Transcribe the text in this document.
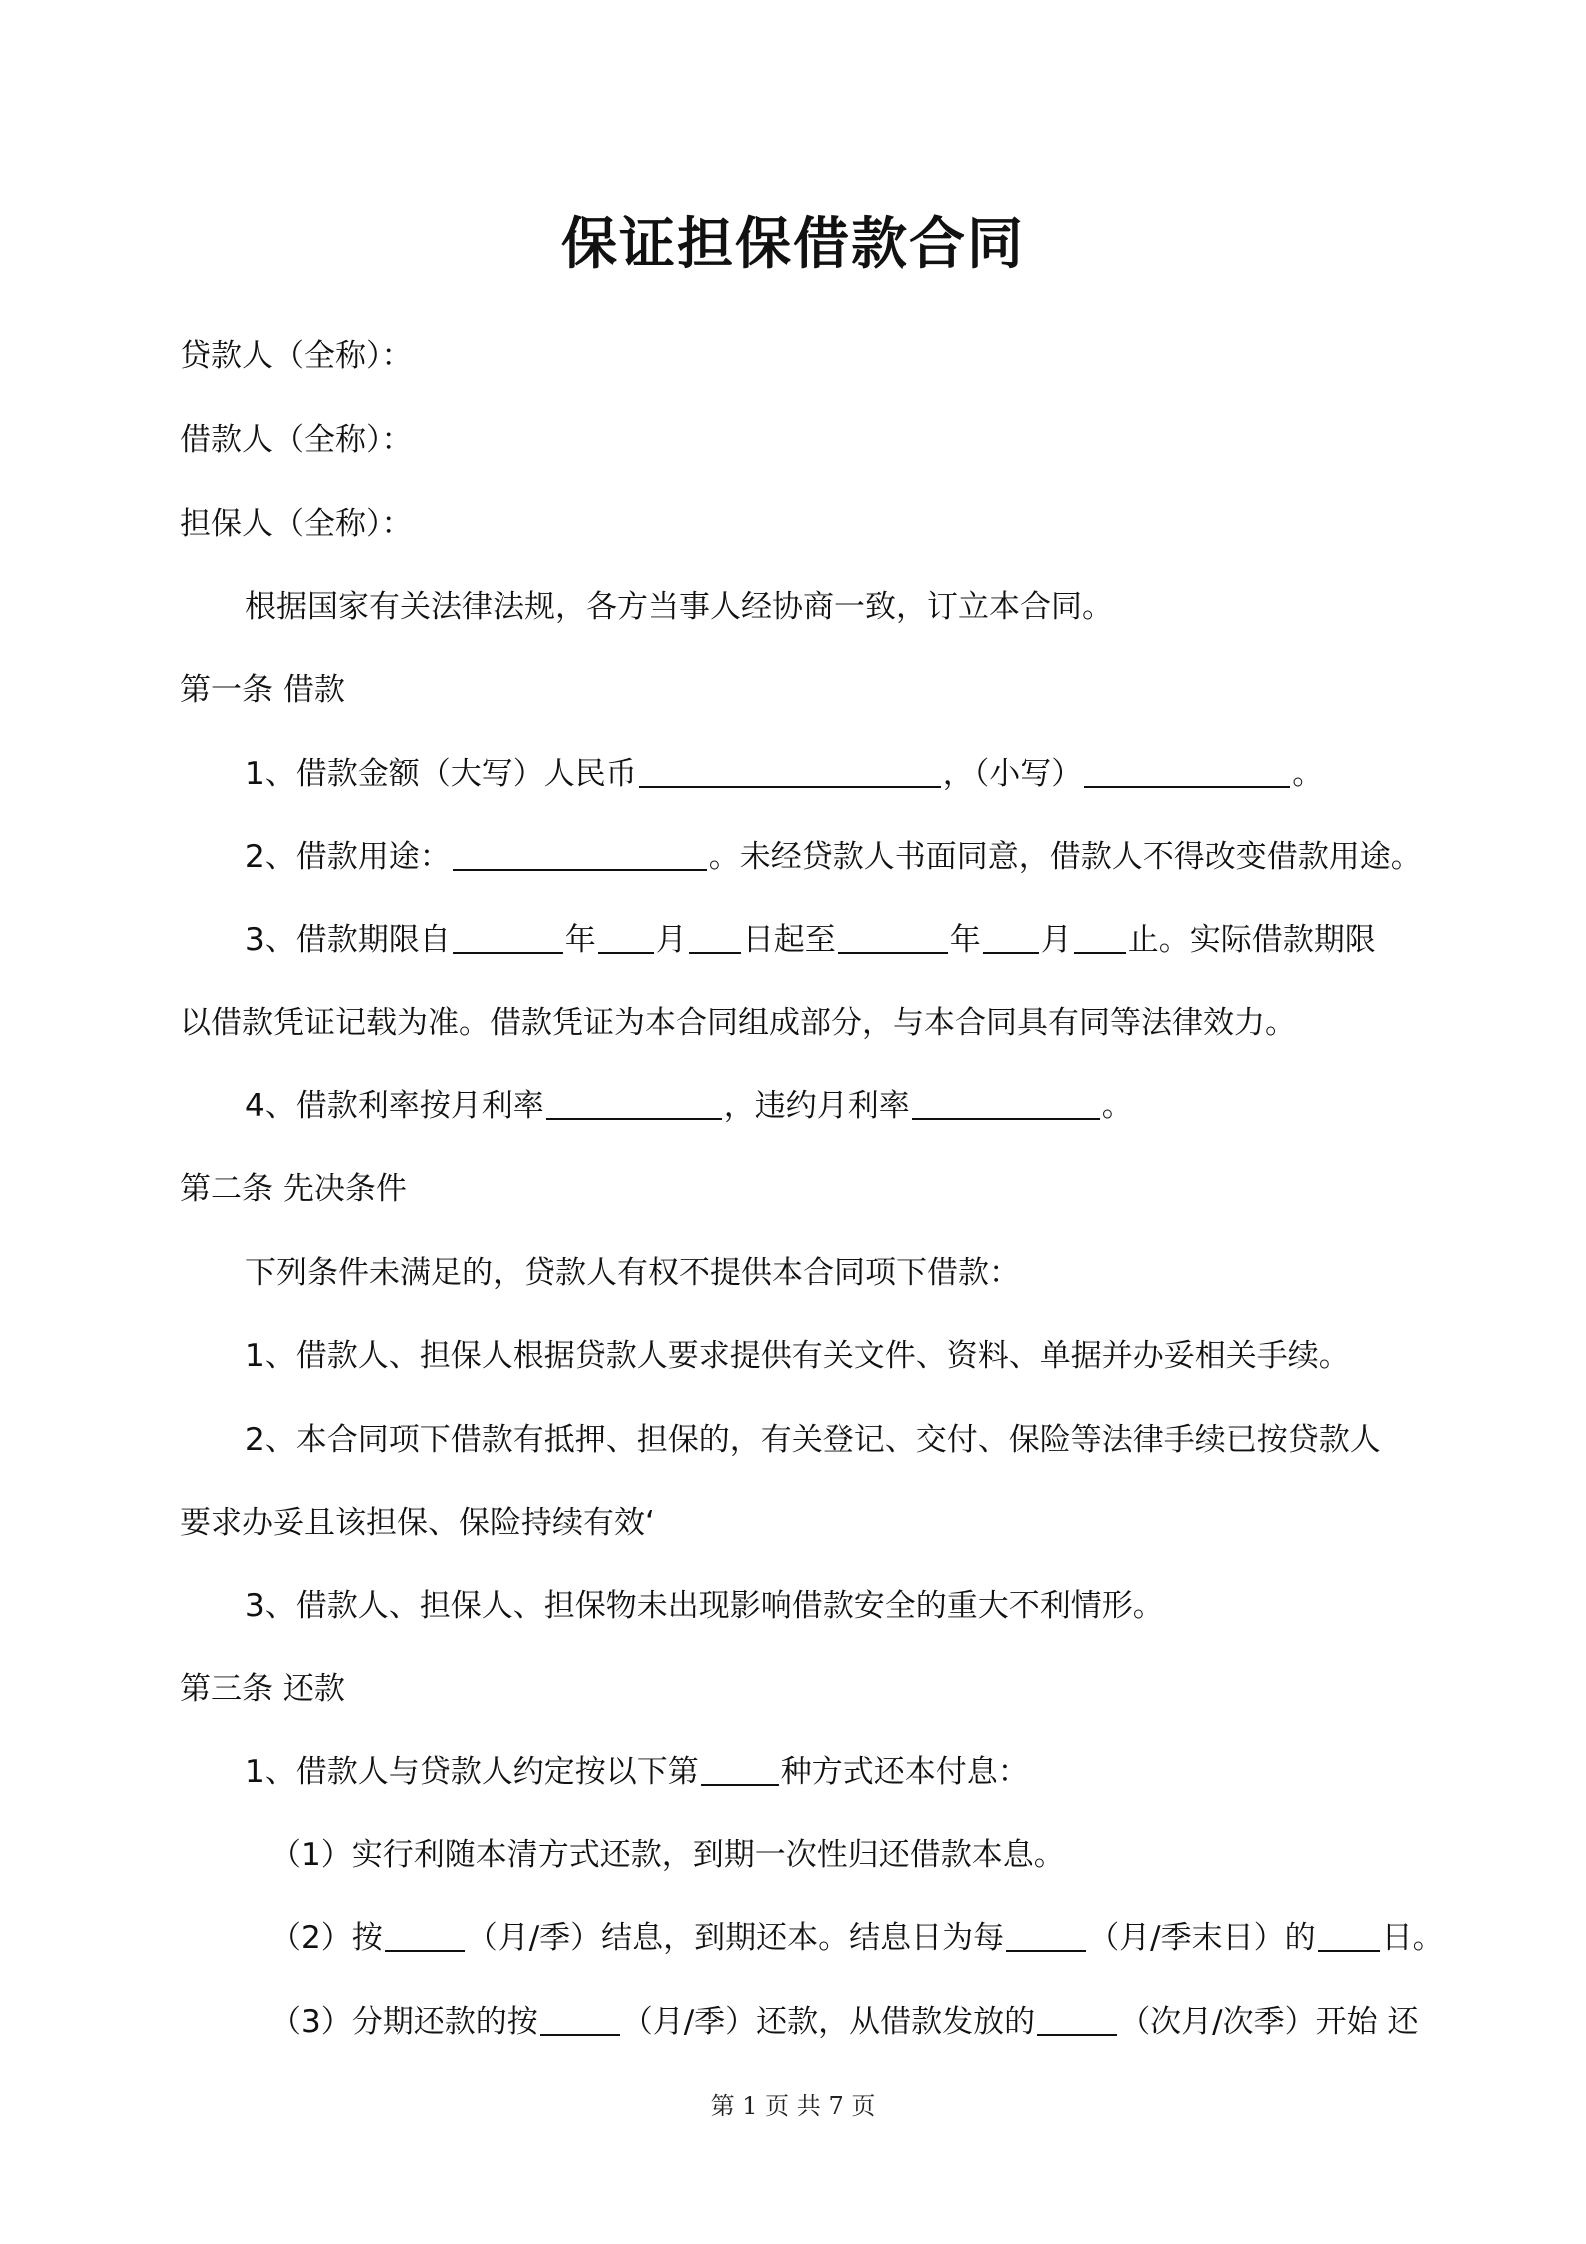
保证担保借款合同
贷款人（全称）：
借款人（全称）：
担保人（全称）：
根据国家有关法律法规，各方当事人经协商一致，订立本合同。
第一条 借款
1、借款金额（大写）人民币	，（小写）	。
2、借款用途：	。未经贷款人书面同意，借款人不得改变借款用途。
3、借款期限自	年 月 日起至	年 月 止。实际借款期限
以借款凭证记载为准。借款凭证为本合同组成部分，与本合同具有同等法律效力。
4、借款利率按月利率	，违约月利率	。
第二条 先决条件
下列条件未满足的，贷款人有权不提供本合同项下借款：
1、借款人、担保人根据贷款人要求提供有关文件、资料、单据并办妥相关手续。
2、本合同项下借款有抵押、担保的，有关登记、交付、保险等法律手续已按贷款人
要求办妥且该担保、保险持续有效‘
3、借款人、担保人、担保物未出现影响借款安全的重大不利情形。
第三条 还款
1、借款人与贷款人约定按以下第	种方式还本付息：
（1）实行利随本清方式还款，到期一次性归还借款本息。
（2）按	（月/季）结息，到期还本。结息日为每	（月/季末日）的 日。
（3）分期还款的按	（月/季）还款，从借款发放的	（次月/次季）开始 还
第 1 页 共 7 页
